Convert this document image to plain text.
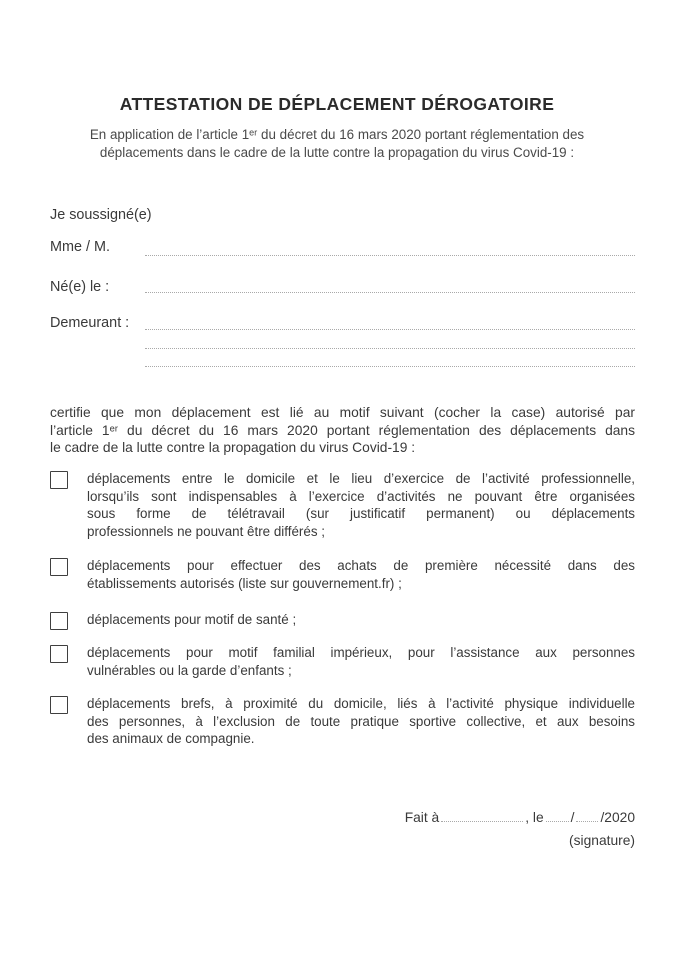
ATTESTATION DE DÉPLACEMENT DÉROGATOIRE
En application de l’article 1ᵉʳ du décret du 16 mars 2020 portant réglementation des
déplacements dans le cadre de la lutte contre la propagation du virus Covid-19 :
Je soussigné(e)
Mme / M.
Né(e) le :
Demeurant :
certifie que mon déplacement est lié au motif suivant (cocher la case) autorisé par
l’article 1ᵉʳ du décret du 16 mars 2020 portant réglementation des déplacements dans
le cadre de la lutte contre la propagation du virus Covid-19 :
déplacements entre le domicile et le lieu d’exercice de l’activité professionnelle,
lorsqu’ils sont indispensables à l’exercice d’activités ne pouvant être organisées
sous forme de télétravail (sur justificatif permanent) ou déplacements
professionnels ne pouvant être différés ;
déplacements pour effectuer des achats de première nécessité dans des
établissements autorisés (liste sur gouvernement.fr) ;
déplacements pour motif de santé ;
déplacements pour motif familial impérieux, pour l’assistance aux personnes
vulnérables ou la garde d’enfants ;
déplacements brefs, à proximité du domicile, liés à l’activité physique individuelle
des personnes, à l’exclusion de toute pratique sportive collective, et aux besoins
des animaux de compagnie.
Fait à	, le / /2020
(signature)
